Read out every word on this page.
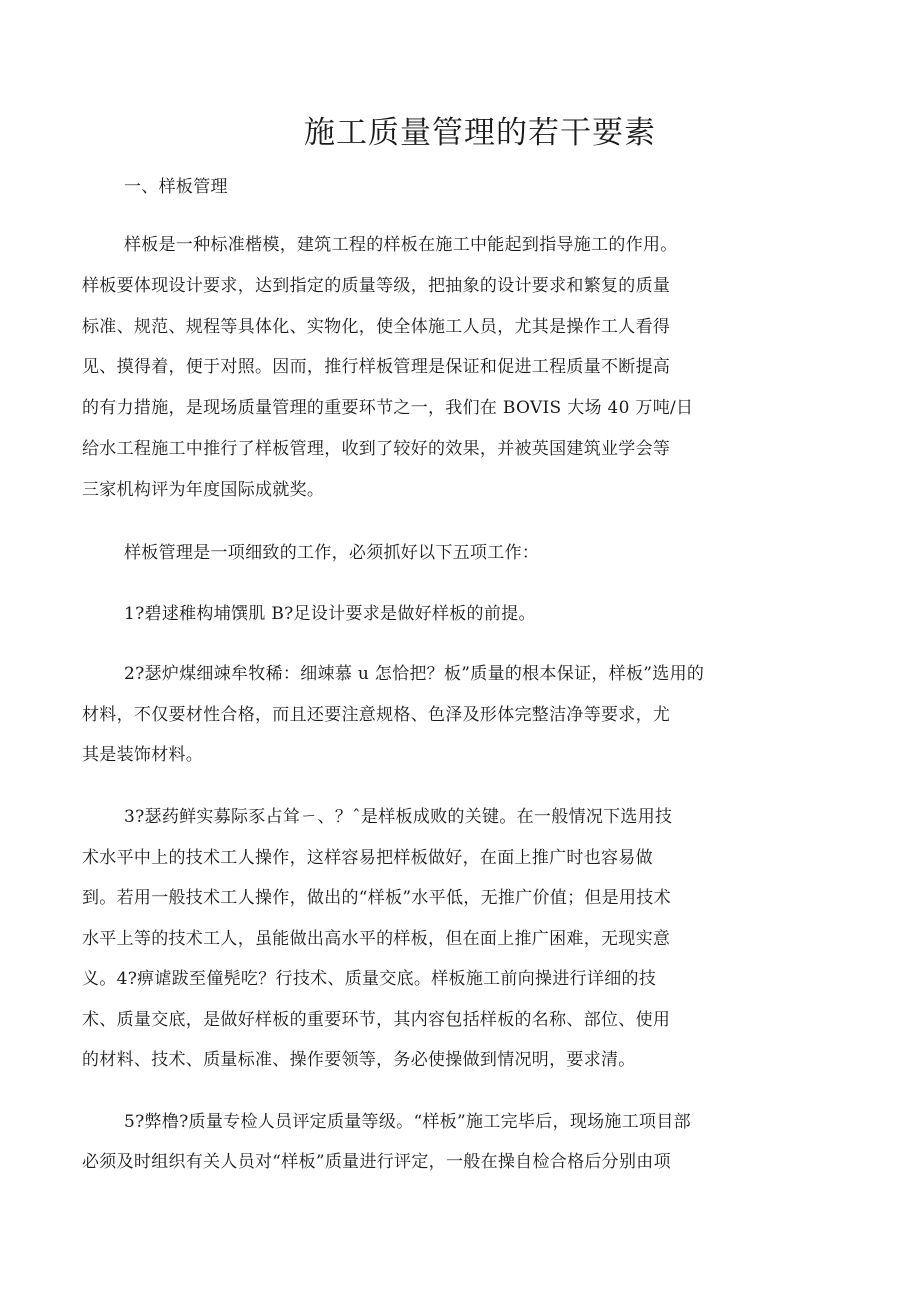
施工质量管理的若干要素
一、样板管理
样板是一种标准楷模，建筑工程的样板在施工中能起到指导施工的作用。
样板要体现设计要求，达到指定的质量等级，把抽象的设计要求和繁复的质量
标准、规范、规程等具体化、实物化，使全体施工人员，尤其是操作工人看得
见、摸得着，便于对照。因而，推行样板管理是保证和促进工程质量不断提高
的有力措施，是现场质量管理的重要环节之一，我们在 BOVIS 大场 40 万吨/日
给水工程施工中推行了样板管理，收到了较好的效果，并被英国建筑业学会等
三家机构评为年度国际成就奖。
样板管理是一项细致的工作，必须抓好以下五项工作：
1?碧逑稚构埔馔肌 B?足设计要求是做好样板的前提。
2?瑟炉煤细竦牟牧稀：细竦慕 u 怎恰把？板”质量的根本保证，样板”选用的
材料，不仅要材性合格，而且还要注意规格、色泽及形体完整洁净等要求，尤
其是装饰材料。
3?瑟药鲜实募际豕占耸ㄧ、？ˆ是样板成败的关键。在一般情况下选用技
术水平中上的技术工人操作，这样容易把样板做好，在面上推广时也容易做
到。若用一般技术工人操作，做出的“样板”水平低，无推广价值；但是用技术
水平上等的技术工人，虽能做出高水平的样板，但在面上推广困难，无现实意
义。4?痹谑跋至僮髡吃？行技术、质量交底。样板施工前向操进行详细的技
术、质量交底，是做好样板的重要环节，其内容包括样板的名称、部位、使用
的材料、技术、质量标准、操作要领等，务必使操做到情况明，要求清。
5?弊橹?质量专检人员评定质量等级。“样板”施工完毕后，现场施工项目部
必须及时组织有关人员对“样板”质量进行评定，一般在操自检合格后分别由项
